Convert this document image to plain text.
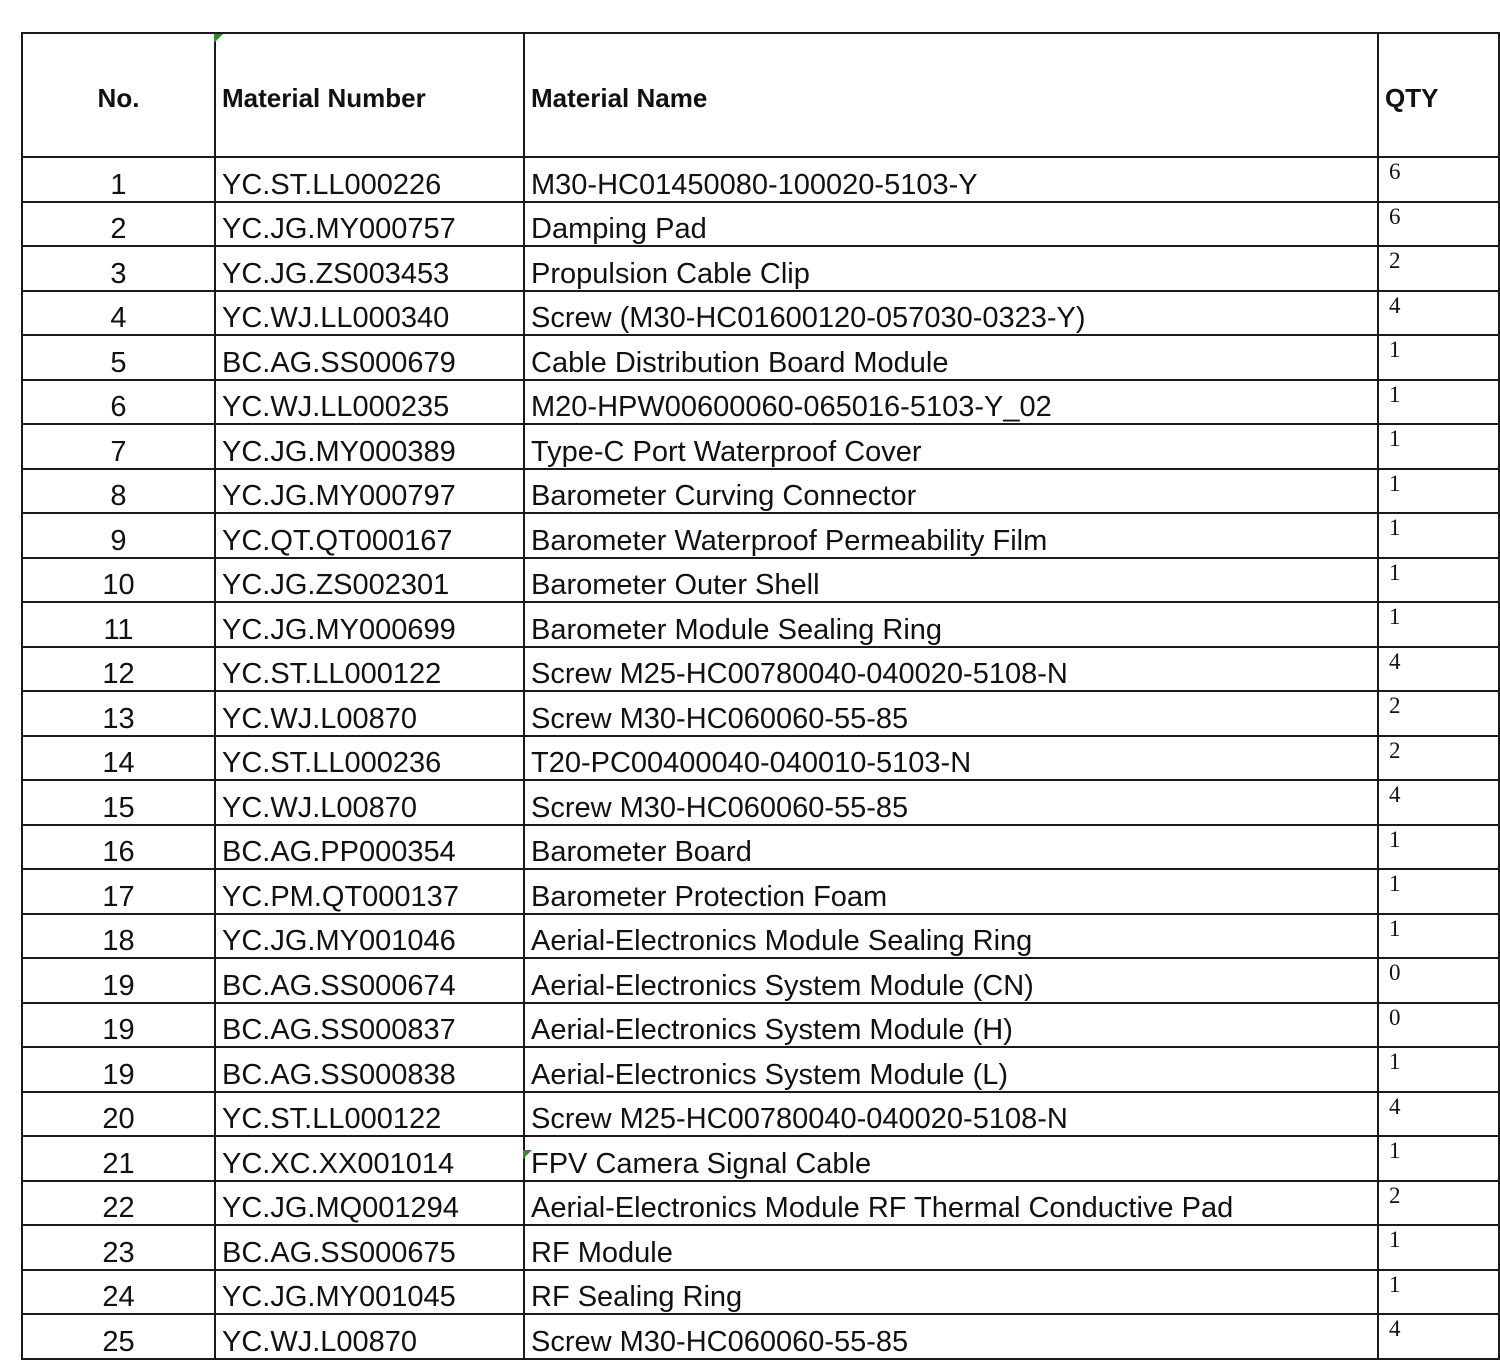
No.	Material Number	Material Name	QTY
1	YC.ST.LL000226	M30-HC01450080-100020-5103-Y	6
2	YC.JG.MY000757	Damping Pad	6
3	YC.JG.ZS003453	Propulsion Cable Clip	2
4	YC.WJ.LL000340	Screw (M30-HC01600120-057030-0323-Y)	4
5	BC.AG.SS000679	Cable Distribution Board Module	1
6	YC.WJ.LL000235	M20-HPW00600060-065016-5103-Y_02	1
7	YC.JG.MY000389	Type-C Port Waterproof Cover	1
8	YC.JG.MY000797	Barometer Curving Connector	1
9	YC.QT.QT000167	Barometer Waterproof Permeability Film	1
10	YC.JG.ZS002301	Barometer Outer Shell	1
11	YC.JG.MY000699	Barometer Module Sealing Ring	1
12	YC.ST.LL000122	Screw M25-HC00780040-040020-5108-N	4
13	YC.WJ.L00870	Screw M30-HC060060-55-85	2
14	YC.ST.LL000236	T20-PC00400040-040010-5103-N	2
15	YC.WJ.L00870	Screw M30-HC060060-55-85	4
16	BC.AG.PP000354	Barometer Board	1
17	YC.PM.QT000137	Barometer Protection Foam	1
18	YC.JG.MY001046	Aerial-Electronics Module Sealing Ring	1
19	BC.AG.SS000674	Aerial-Electronics System Module (CN)	0
19	BC.AG.SS000837	Aerial-Electronics System Module (H)	0
19	BC.AG.SS000838	Aerial-Electronics System Module (L)	1
20	YC.ST.LL000122	Screw M25-HC00780040-040020-5108-N	4
21	YC.XC.XX001014	FPV Camera Signal Cable	1
22	YC.JG.MQ001294	Aerial-Electronics Module RF Thermal Conductive Pad	2
23	BC.AG.SS000675	RF Module	1
24	YC.JG.MY001045	RF Sealing Ring	1
25	YC.WJ.L00870	Screw M30-HC060060-55-85	4
